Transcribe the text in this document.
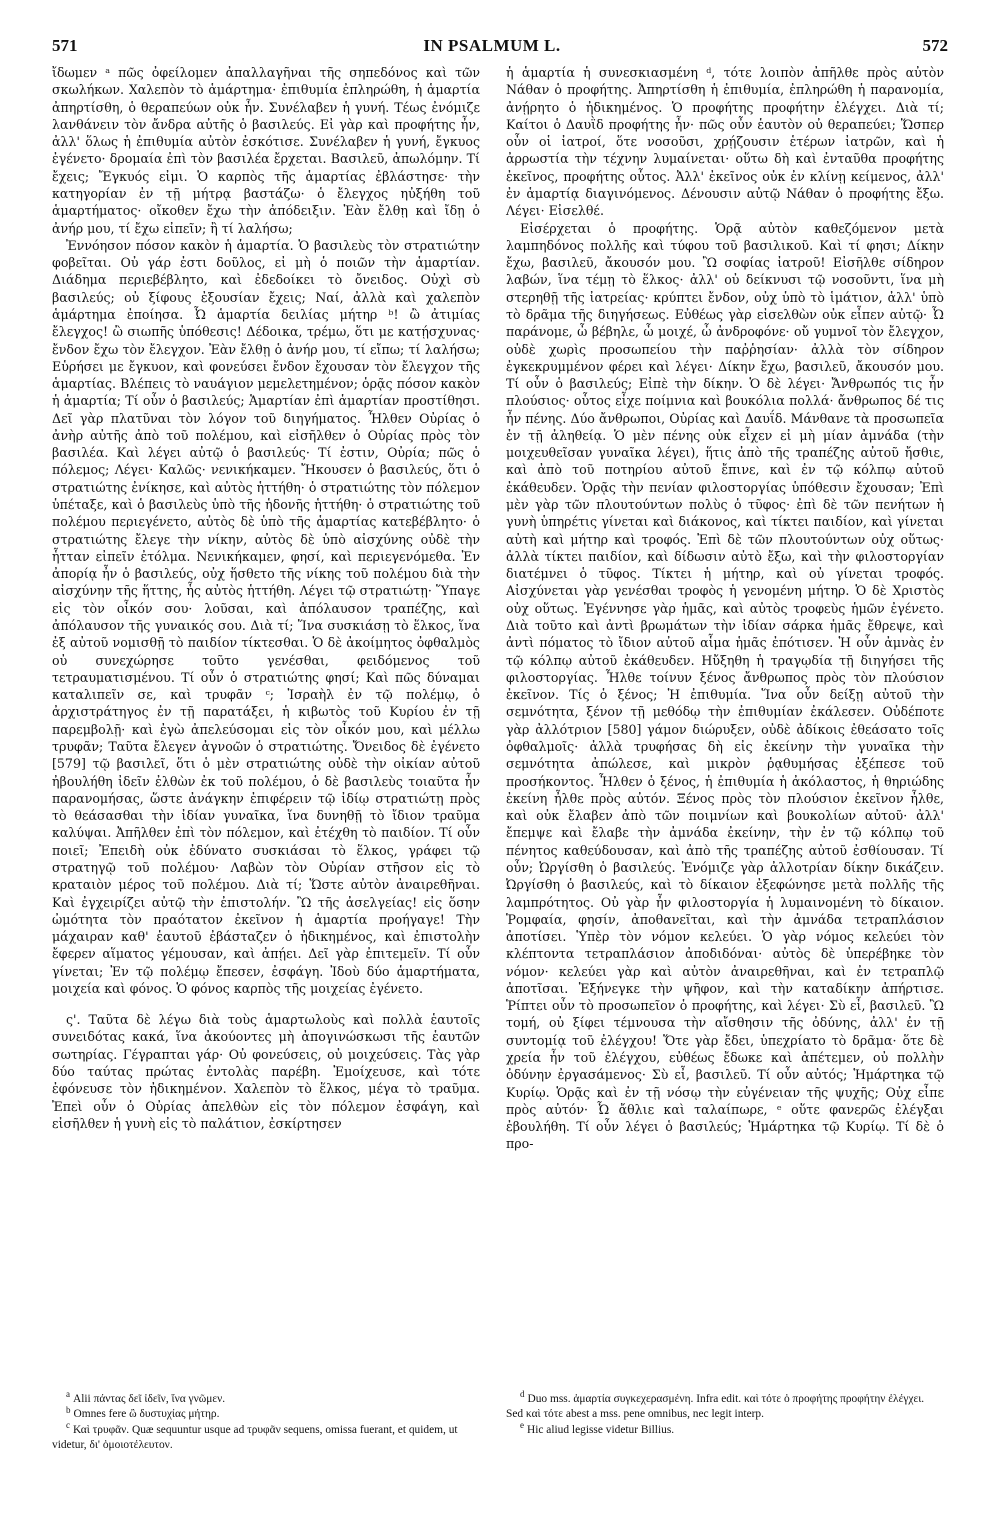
571	IN PSALMUM L.	572

ἴδωμεν ᵃ πῶς ὀφείλομεν ἀπαλλαγῆναι τῆς σηπεδόνος καὶ τῶν σκωλήκων. Χαλεπὸν τὸ ἁμάρτημα· ἐπιθυμία ἐπληρώθη, ἡ ἁμαρτία ἀπηρτίσθη, ὁ θεραπεύων οὐκ ἦν. Συνέλαβεν ἡ γυνή. Τέως ἐνόμιζε λανθάνειν τὸν ἄνδρα αὐτῆς ὁ βασιλεύς. Εἰ γὰρ καὶ προφήτης ἦν, ἀλλ' ὅλως ἡ ἐπιθυμία αὐτὸν ἐσκότισε. Συνέλαβεν ἡ γυνή, ἔγκυος ἐγένετο· δρομαία ἐπὶ τὸν βασιλέα ἔρχεται. Βασιλεῦ, ἀπωλόμην. Τί ἔχεις; Ἔγκυός εἰμι. Ὁ καρπὸς τῆς ἁμαρτίας ἐβλάστησε· τὴν κατηγορίαν ἐν τῇ μήτρᾳ βαστάζω· ὁ ἔλεγχος ηὐξήθη τοῦ ἁμαρτήματος· οἴκοθεν ἔχω τὴν ἀπόδειξιν. Ἐὰν ἔλθῃ καὶ ἴδῃ ὁ ἀνήρ μου, τί ἔχω εἰπεῖν; ἢ τί λαλήσω;

Ἐννόησον πόσον κακὸν ἡ ἁμαρτία. Ὁ βασιλεὺς τὸν στρατιώτην φοβεῖται. Οὐ γάρ ἐστι δοῦλος, εἰ μὴ ὁ ποιῶν τὴν ἁμαρτίαν. Διάδημα περιεβέβλητο, καὶ ἐδεδοίκει τὸ ὄνειδος. Οὐχὶ σὺ βασιλεύς; οὐ ξίφους ἐξουσίαν ἔχεις; Ναί, ἀλλὰ καὶ χαλεπὸν ἁμάρτημα ἐποίησα. Ὦ ἁμαρτία δειλίας μήτηρ ᵇ! ὢ ἀτιμίας ἔλεγχος! ὢ σιωπῆς ὑπόθεσις! Δέδοικα, τρέμω, ὅτι με κατῄσχυνας· ἔνδον ἔχω τὸν ἔλεγχον. Ἐὰν ἔλθῃ ὁ ἀνήρ μου, τί εἴπω; τί λαλήσω; Εὑρήσει με ἔγκυον, καὶ φονεύσει ἔνδον ἔχουσαν τὸν ἔλεγχον τῆς ἁμαρτίας. Βλέπεις τὸ ναυάγιον μεμελετημένον; ὁρᾷς πόσον κακὸν ἡ ἁμαρτία; Τί οὖν ὁ βασιλεύς; Ἁμαρτίαν ἐπὶ ἁμαρτίαν προστίθησι. Δεῖ γὰρ πλατῦναι τὸν λόγον τοῦ διηγήματος. Ἦλθεν Οὐρίας ὁ ἀνὴρ αὐτῆς ἀπὸ τοῦ πολέμου, καὶ εἰσῆλθεν ὁ Οὐρίας πρὸς τὸν βασιλέα. Καὶ λέγει αὐτῷ ὁ βασιλεύς· Τί ἐστιν, Οὐρία; πῶς ὁ πόλεμος; Λέγει· Καλῶς· νενικήκαμεν. Ἤκουσεν ὁ βασιλεύς, ὅτι ὁ στρατιώτης ἐνίκησε, καὶ αὐτὸς ἡττήθη· ὁ στρατιώτης τὸν πόλεμον ὑπέταξε, καὶ ὁ βασιλεὺς ὑπὸ τῆς ἡδονῆς ἡττήθη· ὁ στρατιώτης τοῦ πολέμου περιεγένετο, αὐτὸς δὲ ὑπὸ τῆς ἁμαρτίας κατεβέβλητο· ὁ στρατιώτης ἔλεγε τὴν νίκην, αὐτὸς δὲ ὑπὸ αἰσχύνης οὐδὲ τὴν ἧτταν εἰπεῖν ἐτόλμα. Νενικήκαμεν, φησί, καὶ περιεγενόμεθα. Ἐν ἀπορίᾳ ἦν ὁ βασιλεύς, οὐχ ἥσθετο τῆς νίκης τοῦ πολέμου διὰ τὴν αἰσχύνην τῆς ἥττης, ἧς αὐτὸς ἡττήθη. Λέγει τῷ στρατιώτῃ· Ὕπαγε εἰς τὸν οἶκόν σου· λοῦσαι, καὶ ἀπόλαυσον τραπέζης, καὶ ἀπόλαυσον τῆς γυναικός σου. Διὰ τί; Ἵνα συσκιάσῃ τὸ ἕλκος, ἵνα ἐξ αὐτοῦ νομισθῇ τὸ παιδίον τίκτεσθαι. Ὁ δὲ ἀκοίμητος ὀφθαλμὸς οὐ συνεχώρησε τοῦτο γενέσθαι, φειδόμενος τοῦ τετραυματισμένου. Τί οὖν ὁ στρατιώτης φησί; Καὶ πῶς δύναμαι καταλιπεῖν σε, καὶ τρυφᾶν ᶜ; Ἰσραὴλ ἐν τῷ πολέμῳ, ὁ ἀρχιστράτηγος ἐν τῇ παρατάξει, ἡ κιβωτὸς τοῦ Κυρίου ἐν τῇ παρεμβολῇ· καὶ ἐγὼ ἀπελεύσομαι εἰς τὸν οἶκόν μου, καὶ μέλλω τρυφᾶν; Ταῦτα ἔλεγεν ἀγνοῶν ὁ στρατιώτης. Ὄνειδος δὲ ἐγένετο [579] τῷ βασιλεῖ, ὅτι ὁ μὲν στρατιώτης οὐδὲ τὴν οἰκίαν αὐτοῦ ἠβουλήθη ἰδεῖν ἐλθὼν ἐκ τοῦ πολέμου, ὁ δὲ βασιλεὺς τοιαῦτα ἦν παρανομήσας, ὥστε ἀνάγκην ἐπιφέρειν τῷ ἰδίῳ στρατιώτῃ πρὸς τὸ θεάσασθαι τὴν ἰδίαν γυναῖκα, ἵνα δυνηθῇ τὸ ἴδιον τραῦμα καλύψαι. Ἀπῆλθεν ἐπὶ τὸν πόλεμον, καὶ ἐτέχθη τὸ παιδίον. Τί οὖν ποιεῖ; Ἐπειδὴ οὐκ ἐδύνατο συσκιάσαι τὸ ἕλκος, γράφει τῷ στρατηγῷ τοῦ πολέμου· Λαβὼν τὸν Οὐρίαν στῆσον εἰς τὸ κραταιὸν μέρος τοῦ πολέμου. Διὰ τί; Ὥστε αὐτὸν ἀναιρεθῆναι. Καὶ ἐγχειρίζει αὐτῷ τὴν ἐπιστολήν. Ὢ τῆς ἀσελγείας! εἰς ὅσην ὠμότητα τὸν πραότατον ἐκεῖνον ἡ ἁμαρτία προήγαγε! Τὴν μάχαιραν καθ' ἑαυτοῦ ἐβάσταζεν ὁ ἠδικημένος, καὶ ἐπιστολὴν ἔφερεν αἵματος γέμουσαν, καὶ ἀπῄει. Δεῖ γὰρ ἐπιτεμεῖν. Τί οὖν γίνεται; Ἐν τῷ πολέμῳ ἔπεσεν, ἐσφάγη. Ἰδοὺ δύο ἁμαρτήματα, μοιχεία καὶ φόνος. Ὁ φόνος καρπὸς τῆς μοιχείας ἐγένετο.

ς'. Ταῦτα δὲ λέγω διὰ τοὺς ἁμαρτωλοὺς καὶ πολλὰ ἑαυτοῖς συνειδότας κακά, ἵνα ἀκούοντες μὴ ἀπογινώσκωσι τῆς ἑαυτῶν σωτηρίας. Γέγραπται γάρ· Οὐ φονεύσεις, οὐ μοιχεύσεις. Τὰς γὰρ δύο ταύτας πρώτας ἐντολὰς παρέβη. Ἐμοίχευσε, καὶ τότε ἐφόνευσε τὸν ἠδικημένον. Χαλεπὸν τὸ ἕλκος, μέγα τὸ τραῦμα. Ἐπεὶ οὖν ὁ Οὐρίας ἀπελθὼν εἰς τὸν πόλεμον ἐσφάγη, καὶ εἰσῆλθεν ἡ γυνὴ εἰς τὸ παλάτιον, ἐσκίρτησεν

ἡ ἁμαρτία ἡ συνεσκιασμένη ᵈ, τότε λοιπὸν ἀπῆλθε πρὸς αὐτὸν Νάθαν ὁ προφήτης. Ἀπηρτίσθη ἡ ἐπιθυμία, ἐπληρώθη ἡ παρανομία, ἀνῄρητο ὁ ἠδικημένος. Ὁ προφήτης προφήτην ἐλέγχει. Διὰ τί; Καίτοι ὁ Δαυῒδ προφήτης ἦν· πῶς οὖν ἑαυτὸν οὐ θεραπεύει; Ὥσπερ οὖν οἱ ἰατροί, ὅτε νοσοῦσι, χρῄζουσιν ἑτέρων ἰατρῶν, καὶ ἡ ἀρρωστία τὴν τέχνην λυμαίνεται· οὕτω δὴ καὶ ἐνταῦθα προφήτης ἐκεῖνος, προφήτης οὗτος. Ἀλλ' ἐκεῖνος οὐκ ἐν κλίνῃ κείμενος, ἀλλ' ἐν ἁμαρτίᾳ διαγινόμενος. Δένουσιν αὐτῷ Νάθαν ὁ προφήτης ἔξω. Λέγει· Εἰσελθέ.

Εἰσέρχεται ὁ προφήτης. Ὁρᾷ αὐτὸν καθεζόμενον μετὰ λαμπηδόνος πολλῆς καὶ τύφου τοῦ βασιλικοῦ. Καὶ τί φησι; Δίκην ἔχω, βασιλεῦ, ἄκουσόν μου. Ὢ σοφίας ἰατροῦ! Εἰσῆλθε σίδηρον λαβών, ἵνα τέμῃ τὸ ἕλκος· ἀλλ' οὐ δείκνυσι τῷ νοσοῦντι, ἵνα μὴ στερηθῇ τῆς ἰατρείας· κρύπτει ἔνδον, οὐχ ὑπὸ τὸ ἱμάτιον, ἀλλ' ὑπὸ τὸ δρᾶμα τῆς διηγήσεως. Εὐθέως γὰρ εἰσελθὼν οὐκ εἶπεν αὐτῷ· Ὦ παράνομε, ὦ βέβηλε, ὦ μοιχέ, ὦ ἀνδροφόνε· οὔ γυμνοῖ τὸν ἔλεγχον, οὐδὲ χωρὶς προσωπείου τὴν παῤῥησίαν· ἀλλὰ τὸν σίδηρον ἐγκεκρυμμένον φέρει καὶ λέγει· Δίκην ἔχω, βασιλεῦ, ἄκουσόν μου. Τί οὖν ὁ βασιλεύς; Εἰπὲ τὴν δίκην. Ὁ δὲ λέγει· Ἄνθρωπός τις ἦν πλούσιος· οὗτος εἶχε ποίμνια καὶ βουκόλια πολλά· ἄνθρωπος δέ τις ἦν πένης. Δύο ἄνθρωποι, Οὐρίας καὶ Δαυΐδ. Μάνθανε τὰ προσωπεῖα ἐν τῇ ἀληθείᾳ. Ὁ μὲν πένης οὐκ εἶχεν εἰ μὴ μίαν ἀμνάδα (τὴν μοιχευθεῖσαν γυναῖκα λέγει), ἥτις ἀπὸ τῆς τραπέζης αὐτοῦ ἤσθιε, καὶ ἀπὸ τοῦ ποτηρίου αὐτοῦ ἔπινε, καὶ ἐν τῷ κόλπῳ αὐτοῦ ἐκάθευδεν. Ὁρᾷς τὴν πενίαν φιλοστοργίας ὑπόθεσιν ἔχουσαν; Ἐπὶ μὲν γὰρ τῶν πλουτούντων πολὺς ὁ τῦφος· ἐπὶ δὲ τῶν πενήτων ἡ γυνὴ ὑπηρέτις γίνεται καὶ διάκονος, καὶ τίκτει παιδίον, καὶ γίνεται αὐτὴ καὶ μήτηρ καὶ τροφός. Ἐπὶ δὲ τῶν πλουτούντων οὐχ οὕτως· ἀλλὰ τίκτει παιδίον, καὶ δίδωσιν αὐτὸ ἔξω, καὶ τὴν φιλοστοργίαν διατέμνει ὁ τῦφος. Τίκτει ἡ μήτηρ, καὶ οὐ γίνεται τροφός. Αἰσχύνεται γὰρ γενέσθαι τροφὸς ἡ γενομένη μήτηρ. Ὁ δὲ Χριστὸς οὐχ οὕτως. Ἐγέννησε γὰρ ἡμᾶς, καὶ αὐτὸς τροφεὺς ἡμῶν ἐγένετο. Διὰ τοῦτο καὶ ἀντὶ βρωμάτων τὴν ἰδίαν σάρκα ἡμᾶς ἔθρεψε, καὶ ἀντὶ πόματος τὸ ἴδιον αὐτοῦ αἷμα ἡμᾶς ἐπότισεν. Ἡ οὖν ἀμνὰς ἐν τῷ κόλπῳ αὐτοῦ ἐκάθευδεν. Ηὔξηθη ἡ τραγῳδία τῇ διηγήσει τῆς φιλοστοργίας. Ἦλθε τοίνυν ξένος ἄνθρωπος πρὸς τὸν πλούσιον ἐκεῖνον. Τίς ὁ ξένος; Ἡ ἐπιθυμία. Ἵνα οὖν δείξῃ αὐτοῦ τὴν σεμνότητα, ξένον τῇ μεθόδῳ τὴν ἐπιθυμίαν ἐκάλεσεν. Οὐδέποτε γὰρ ἀλλότριον [580] γάμον διώρυξεν, οὐδὲ ἀδίκοις ἐθεάσατο τοῖς ὀφθαλμοῖς· ἀλλὰ τρυφήσας δὴ εἰς ἐκείνην τὴν γυναῖκα τὴν σεμνότητα ἀπώλεσε, καὶ μικρὸν ῥᾳθυμήσας ἐξέπεσε τοῦ προσήκοντος. Ἦλθεν ὁ ξένος, ἡ ἐπιθυμία ἡ ἀκόλαστος, ἡ θηριώδης ἐκείνη ἦλθε πρὸς αὐτόν. Ξένος πρὸς τὸν πλούσιον ἐκεῖνον ἦλθε, καὶ οὐκ ἔλαβεν ἀπὸ τῶν ποιμνίων καὶ βουκολίων αὐτοῦ· ἀλλ' ἔπεμψε καὶ ἔλαβε τὴν ἀμνάδα ἐκείνην, τὴν ἐν τῷ κόλπῳ τοῦ πένητος καθεύδουσαν, καὶ ἀπὸ τῆς τραπέζης αὐτοῦ ἐσθίουσαν. Τί οὖν; Ὠργίσθη ὁ βασιλεύς. Ἐνόμιζε γὰρ ἀλλοτρίαν δίκην δικάζειν. Ὠργίσθη ὁ βασιλεύς, καὶ τὸ δίκαιον ἐξεφώνησε μετὰ πολλῆς τῆς λαμπρότητος. Οὐ γὰρ ἦν φιλοστοργία ἡ λυμαινομένη τὸ δίκαιον. Ῥομφαία, φησίν, ἀποθανεῖται, καὶ τὴν ἀμνάδα τετραπλάσιον ἀποτίσει. Ὑπὲρ τὸν νόμον κελεύει. Ὁ γὰρ νόμος κελεύει τὸν κλέπτοντα τετραπλάσιον ἀποδιδόναι· αὐτὸς δὲ ὑπερέβηκε τὸν νόμον· κελεύει γὰρ καὶ αὐτὸν ἀναιρεθῆναι, καὶ ἐν τετραπλῷ ἀποτῖσαι. Ἐξήνεγκε τὴν ψῆφον, καὶ τὴν καταδίκην ἀπήρτισε. Ῥίπτει οὖν τὸ προσωπεῖον ὁ προφήτης, καὶ λέγει· Σὺ εἶ, βασιλεῦ. Ὢ τομή, οὐ ξίφει τέμνουσα τὴν αἴσθησιν τῆς ὀδύνης, ἀλλ' ἐν τῇ συντομίᾳ τοῦ ἐλέγχου! Ὅτε γὰρ ἔδει, ὑπεχρίατο τὸ δρᾶμα· ὅτε δὲ χρεία ἦν τοῦ ἐλέγχου, εὐθέως ἔδωκε καὶ ἀπέτεμεν, οὐ πολλὴν ὀδύνην ἐργασάμενος· Σὺ εἶ, βασιλεῦ. Τί οὖν αὐτός; Ἡμάρτηκα τῷ Κυρίῳ. Ὁρᾷς καὶ ἐν τῇ νόσῳ τὴν εὐγένειαν τῆς ψυχῆς; Οὐχ εἶπε πρὸς αὐτόν· Ὦ ἄθλιε καὶ ταλαίπωρε, ᵉ οὕτε φανερῶς ἐλέγξαι ἐβουλήθη. Τί οὖν λέγει ὁ βασιλεύς; Ἡμάρτηκα τῷ Κυρίῳ. Τί δὲ ὁ προ-

$^a$ Alii πάντας δεῖ ἰδεῖν, ἵνα γνῶμεν.

$^b$ Omnes fere ὢ δυστυχίας μήτηρ.

$^c$ Καὶ τρυφᾶν. Quæ sequuntur usque ad τρυφᾶν sequens, omissa fuerant, et quidem, ut videtur, δι' ὁμοιοτέλευτον.

$^d$ Duo mss. ἁμαρτία συγκεχερασμένη. Infra edit. καὶ τότε ὁ προφήτης προφήτην ἐλέγχει. Sed καὶ τότε abest a mss. pene omnibus, nec legit interp.

$^e$ Hic aliud legisse videtur Billius.
